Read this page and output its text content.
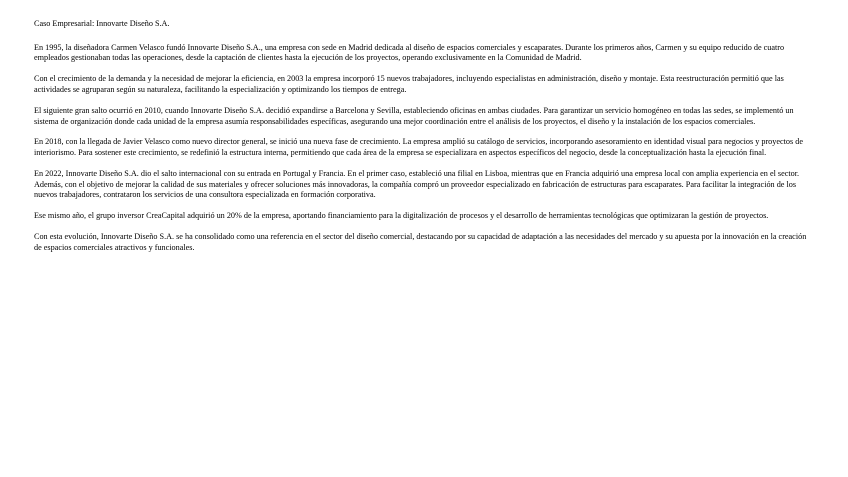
Caso Empresarial: Innovarte Diseño S.A.

En 1995, la diseñadora Carmen Velasco fundó Innovarte Diseño S.A., una empresa con sede en Madrid dedicada al diseño de espacios comerciales y escaparates. Durante los primeros años, Carmen y su equipo reducido de cuatro empleados gestionaban todas las operaciones, desde la captación de clientes hasta la ejecución de los proyectos, operando exclusivamente en la Comunidad de Madrid.

Con el crecimiento de la demanda y la necesidad de mejorar la eficiencia, en 2003 la empresa incorporó 15 nuevos trabajadores, incluyendo especialistas en administración, diseño y montaje. Esta reestructuración permitió que las actividades se agruparan según su naturaleza, facilitando la especialización y optimizando los tiempos de entrega.

El siguiente gran salto ocurrió en 2010, cuando Innovarte Diseño S.A. decidió expandirse a Barcelona y Sevilla, estableciendo oficinas en ambas ciudades. Para garantizar un servicio homogéneo en todas las sedes, se implementó un sistema de organización donde cada unidad de la empresa asumía responsabilidades específicas, asegurando una mejor coordinación entre el análisis de los proyectos, el diseño y la instalación de los espacios comerciales.

En 2018, con la llegada de Javier Velasco como nuevo director general, se inició una nueva fase de crecimiento. La empresa amplió su catálogo de servicios, incorporando asesoramiento en identidad visual para negocios y proyectos de interiorismo. Para sostener este crecimiento, se redefinió la estructura interna, permitiendo que cada área de la empresa se especializara en aspectos específicos del negocio, desde la conceptualización hasta la ejecución final.

En 2022, Innovarte Diseño S.A. dio el salto internacional con su entrada en Portugal y Francia. En el primer caso, estableció una filial en Lisboa, mientras que en Francia adquirió una empresa local con amplia experiencia en el sector. Además, con el objetivo de mejorar la calidad de sus materiales y ofrecer soluciones más innovadoras, la compañía compró un proveedor especializado en fabricación de estructuras para escaparates. Para facilitar la integración de los nuevos trabajadores, contrataron los servicios de una consultora especializada en formación corporativa.

Ese mismo año, el grupo inversor CreaCapital adquirió un 20% de la empresa, aportando financiamiento para la digitalización de procesos y el desarrollo de herramientas tecnológicas que optimizaran la gestión de proyectos.

Con esta evolución, Innovarte Diseño S.A. se ha consolidado como una referencia en el sector del diseño comercial, destacando por su capacidad de adaptación a las necesidades del mercado y su apuesta por la innovación en la creación de espacios comerciales atractivos y funcionales.
